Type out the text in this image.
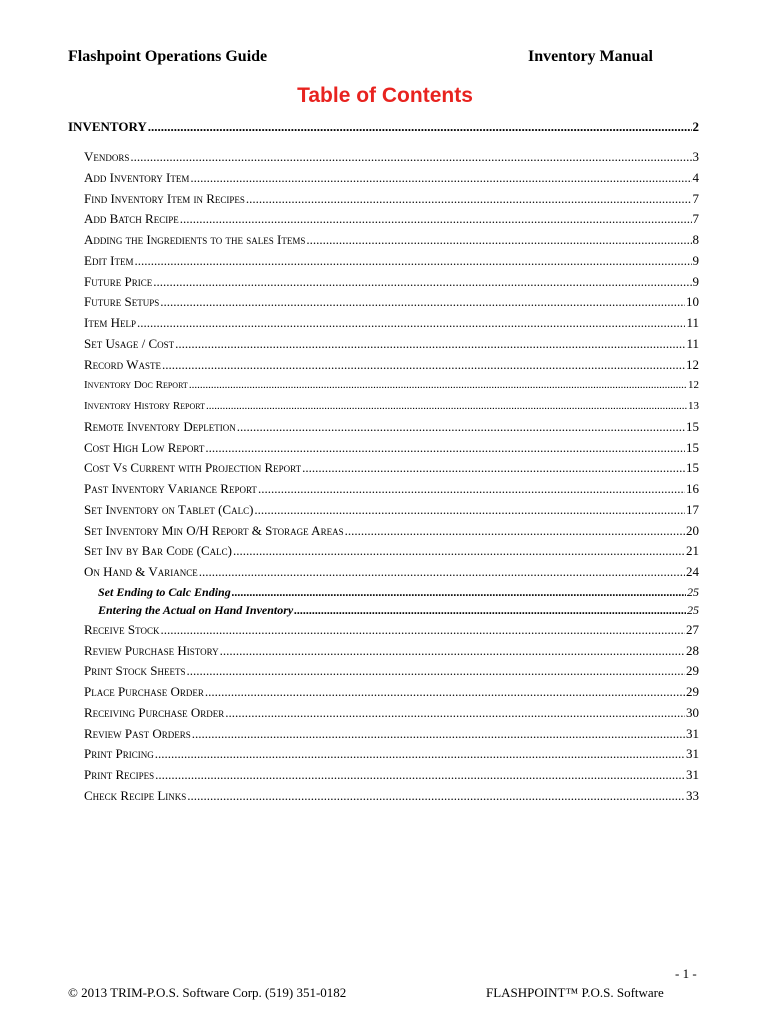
Flashpoint Operations Guide	Inventory Manual
Table of Contents
INVENTORY .....	2
Vendors .....	3
Add Inventory Item .....	4
Find Inventory Item in Recipes .....	7
Add Batch Recipe .....	7
Adding the Ingredients to the sales Items .....	8
Edit Item .....	9
Future Price .....	9
Future Setups .....	10
Item Help .....	11
Set Usage / Cost .....	11
Record Waste .....	12
Inventory Doc Report .....	12
Inventory History Report .....	13
Remote Inventory Depletion .....	15
Cost High Low Report .....	15
Cost Vs Current with Projection Report .....	15
Past Inventory Variance Report .....	16
Set Inventory on Tablet (Calc) .....	17
Set Inventory Min O/H Report & Storage Areas .....	20
Set Inv by Bar Code (Calc) .....	21
On Hand & Variance .....	24
Set Ending to Calc Ending .....	25
Entering the Actual on Hand Inventory .....	25
Receive Stock .....	27
Review Purchase History .....	28
Print Stock Sheets .....	29
Place Purchase Order .....	29
Receiving Purchase Order .....	30
Review Past Orders .....	31
Print Pricing .....	31
Print Recipes .....	31
Check Recipe Links .....	33
- 1 -
© 2013 TRIM-P.O.S. Software Corp. (519) 351-0182	FLASHPOINT™ P.O.S. Software
